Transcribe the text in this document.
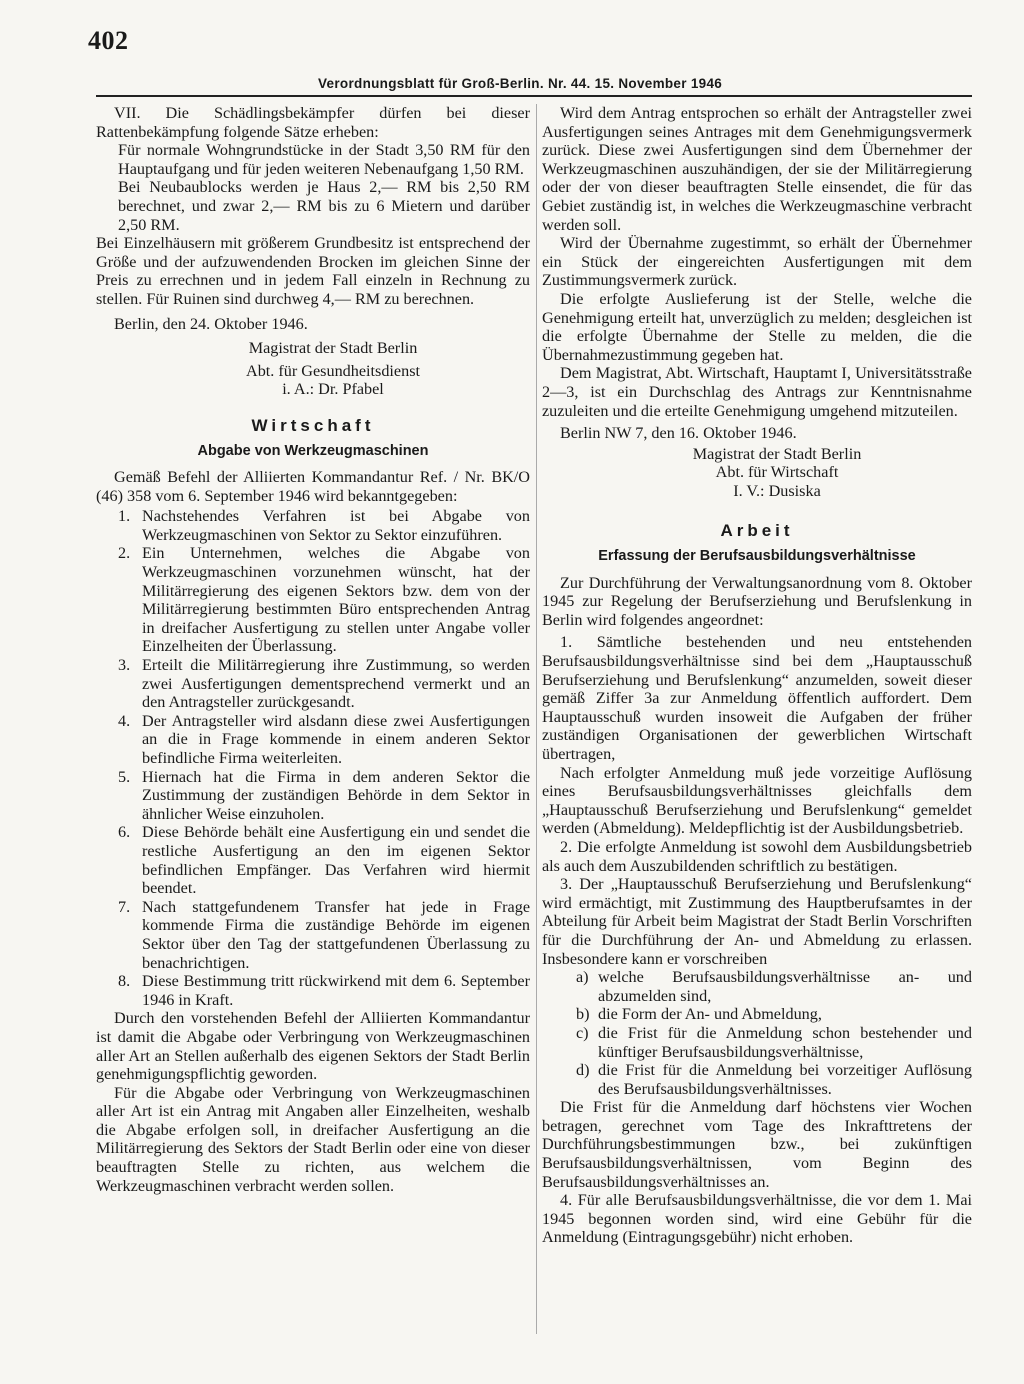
402
Verordnungsblatt für Groß-Berlin. Nr. 44. 15. November 1946

VII. Die Schädlingsbekämpfer dürfen bei dieser Rattenbekämpfung folgende Sätze erheben:

Für normale Wohngrundstücke in der Stadt 3,50 RM für den Hauptaufgang und für jeden weiteren Nebenaufgang 1,50 RM.

Bei Neubaublocks werden je Haus 2,— RM bis 2,50 RM berechnet, und zwar 2,— RM bis zu 6 Mietern und darüber 2,50 RM.

Bei Einzelhäusern mit größerem Grundbesitz ist entsprechend der Größe und der aufzuwendenden Brocken im gleichen Sinne der Preis zu errechnen und in jedem Fall einzeln in Rechnung zu stellen. Für Ruinen sind durchweg 4,— RM zu berechnen.

Berlin, den 24. Oktober 1946.

Magistrat der Stadt Berlin

Abt. für Gesundheitsdienst

i. A.: Dr. Pfabel

Wirtschaft
Abgabe von Werkzeugmaschinen

Gemäß Befehl der Alliierten Kommandantur Ref. / Nr. BK/O (46) 358 vom 6. September 1946 wird bekanntgegeben:

1. Nachstehendes Verfahren ist bei Abgabe von Werkzeugmaschinen von Sektor zu Sektor einzuführen.
2. Ein Unternehmen, welches die Abgabe von Werkzeugmaschinen vorzunehmen wünscht, hat der Militärregierung des eigenen Sektors bzw. dem von der Militärregierung bestimmten Büro entsprechenden Antrag in dreifacher Ausfertigung zu stellen unter Angabe voller Einzelheiten der Überlassung.
3. Erteilt die Militärregierung ihre Zustimmung, so werden zwei Ausfertigungen dementsprechend vermerkt und an den Antragsteller zurückgesandt.
4. Der Antragsteller wird alsdann diese zwei Ausfertigungen an die in Frage kommende in einem anderen Sektor befindliche Firma weiterleiten.
5. Hiernach hat die Firma in dem anderen Sektor die Zustimmung der zuständigen Behörde in dem Sektor in ähnlicher Weise einzuholen.
6. Diese Behörde behält eine Ausfertigung ein und sendet die restliche Ausfertigung an den im eigenen Sektor befindlichen Empfänger. Das Verfahren wird hiermit beendet.
7. Nach stattgefundenem Transfer hat jede in Frage kommende Firma die zuständige Behörde im eigenen Sektor über den Tag der stattgefundenen Überlassung zu benachrichtigen.
8. Diese Bestimmung tritt rückwirkend mit dem 6. September 1946 in Kraft.

Durch den vorstehenden Befehl der Alliierten Kommandantur ist damit die Abgabe oder Verbringung von Werkzeugmaschinen aller Art an Stellen außerhalb des eigenen Sektors der Stadt Berlin genehmigungspflichtig geworden.

Für die Abgabe oder Verbringung von Werkzeugmaschinen aller Art ist ein Antrag mit Angaben aller Einzelheiten, weshalb die Abgabe erfolgen soll, in dreifacher Ausfertigung an die Militärregierung des Sektors der Stadt Berlin oder eine von dieser beauftragten Stelle zu richten, aus welchem die Werkzeugmaschinen verbracht werden sollen.

Wird dem Antrag entsprochen so erhält der Antragsteller zwei Ausfertigungen seines Antrages mit dem Genehmigungsvermerk zurück. Diese zwei Ausfertigungen sind dem Übernehmer der Werkzeugmaschinen auszuhändigen, der sie der Militärregierung oder der von dieser beauftragten Stelle einsendet, die für das Gebiet zuständig ist, in welches die Werkzeugmaschine verbracht werden soll.

Wird der Übernahme zugestimmt, so erhält der Übernehmer ein Stück der eingereichten Ausfertigungen mit dem Zustimmungsvermerk zurück.

Die erfolgte Auslieferung ist der Stelle, welche die Genehmigung erteilt hat, unverzüglich zu melden; desgleichen ist die erfolgte Übernahme der Stelle zu melden, die die Übernahmezustimmung gegeben hat.

Dem Magistrat, Abt. Wirtschaft, Hauptamt I, Universitätsstraße 2—3, ist ein Durchschlag des Antrags zur Kenntnisnahme zuzuleiten und die erteilte Genehmigung umgehend mitzuteilen.

Berlin NW 7, den 16. Oktober 1946.

Magistrat der Stadt Berlin

Abt. für Wirtschaft

I. V.: Dusiska

Arbeit
Erfassung der Berufsausbildungsverhältnisse

Zur Durchführung der Verwaltungsanordnung vom 8. Oktober 1945 zur Regelung der Berufserziehung und Berufslenkung in Berlin wird folgendes angeordnet:

1. Sämtliche bestehenden und neu entstehenden Berufsausbildungsverhältnisse sind bei dem „Hauptausschuß Berufserziehung und Berufslenkung“ anzumelden, soweit dieser gemäß Ziffer 3a zur Anmeldung öffentlich auffordert. Dem Hauptausschuß wurden insoweit die Aufgaben der früher zuständigen Organisationen der gewerblichen Wirtschaft übertragen,

Nach erfolgter Anmeldung muß jede vorzeitige Auflösung eines Berufsausbildungsverhältnisses gleichfalls dem „Hauptausschuß Berufserziehung und Berufslenkung“ gemeldet werden (Abmeldung). Meldepflichtig ist der Ausbildungsbetrieb.

2. Die erfolgte Anmeldung ist sowohl dem Ausbildungsbetrieb als auch dem Auszubildenden schriftlich zu bestätigen.

3. Der „Hauptausschuß Berufserziehung und Berufslenkung“ wird ermächtigt, mit Zustimmung des Hauptberufsamtes in der Abteilung für Arbeit beim Magistrat der Stadt Berlin Vorschriften für die Durchführung der An- und Abmeldung zu erlassen. Insbesondere kann er vorschreiben

a) welche Berufsausbildungsverhältnisse an- und abzumelden sind,
b) die Form der An- und Abmeldung,
c) die Frist für die Anmeldung schon bestehender und künftiger Berufsausbildungsverhältnisse,
d) die Frist für die Anmeldung bei vorzeitiger Auflösung des Berufsausbildungsverhältnisses.

Die Frist für die Anmeldung darf höchstens vier Wochen betragen, gerechnet vom Tage des Inkrafttretens der Durchführungsbestimmungen bzw., bei zukünftigen Berufsausbildungsverhältnissen, vom Beginn des Berufsausbildungsverhältnisses an.

4. Für alle Berufsausbildungsverhältnisse, die vor dem 1. Mai 1945 begonnen worden sind, wird eine Gebühr für die Anmeldung (Eintragungsgebühr) nicht erhoben.
